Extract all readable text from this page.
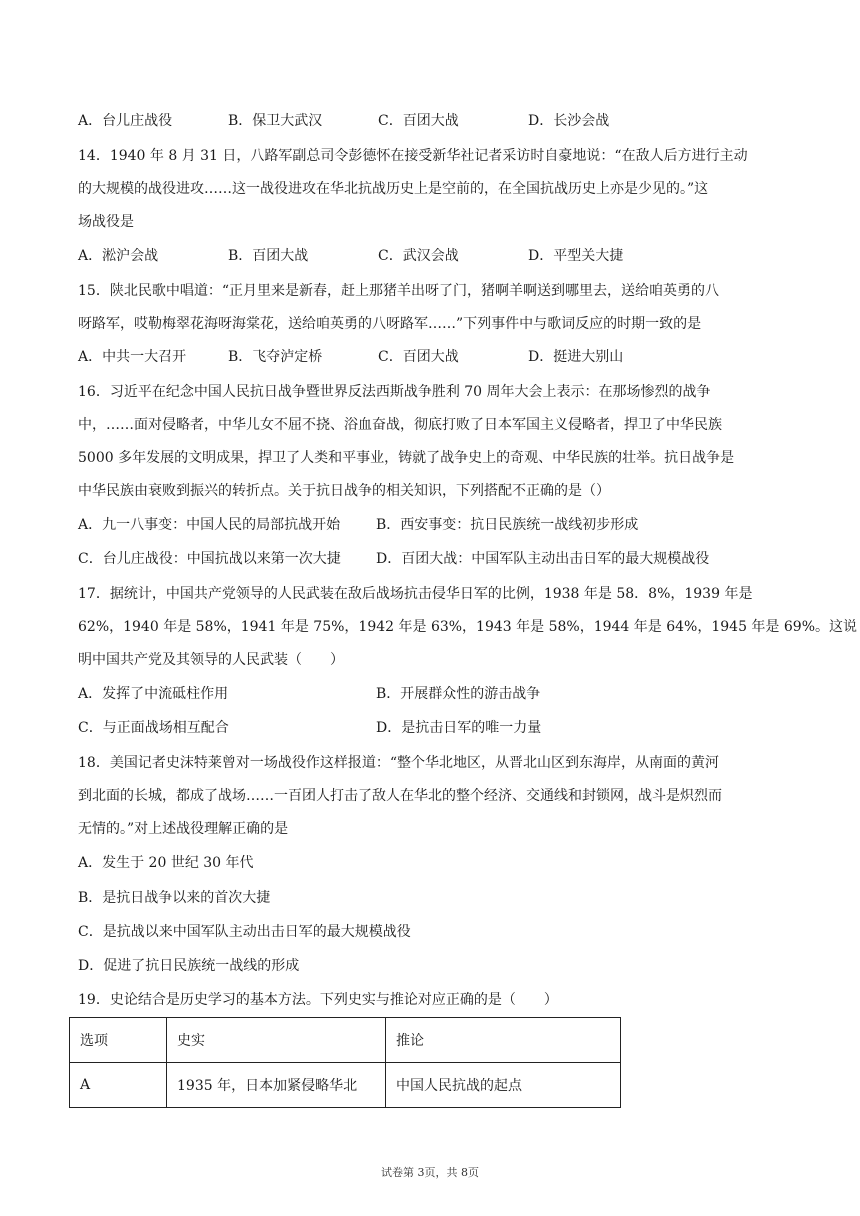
A．台儿庄战役	B．保卫大武汉	C．百团大战	D．长沙会战
14．1940 年 8 月 31 日，八路军副总司令彭德怀在接受新华社记者采访时自豪地说：“在敌人后方进行主动
的大规模的战役进攻……这一战役进攻在华北抗战历史上是空前的，在全国抗战历史上亦是少见的。”这
场战役是
A．淞沪会战	B．百团大战	C．武汉会战	D．平型关大捷
15．陕北民歌中唱道：“正月里来是新春，赶上那猪羊出呀了门，猪啊羊啊送到哪里去，送给咱英勇的八
呀路军，哎勒梅翠花海呀海棠花，送给咱英勇的八呀路军……”下列事件中与歌词反应的时期一致的是
A．中共一大召开	B．飞夺泸定桥	C．百团大战	D．挺进大别山
16．习近平在纪念中国人民抗日战争暨世界反法西斯战争胜利 70 周年大会上表示：在那场惨烈的战争
中，……面对侵略者，中华儿女不屈不挠、浴血奋战，彻底打败了日本军国主义侵略者，捍卫了中华民族
5000 多年发展的文明成果，捍卫了人类和平事业，铸就了战争史上的奇观、中华民族的壮举。抗日战争是
中华民族由衰败到振兴的转折点。关于抗日战争的相关知识，下列搭配不正确的是（）
A．九一八事变：中国人民的局部抗战开始	B．西安事变：抗日民族统一战线初步形成
C．台儿庄战役：中国抗战以来第一次大捷	D．百团大战：中国军队主动出击日军的最大规模战役
17．据统计，中国共产党领导的人民武装在敌后战场抗击侵华日军的比例，1938 年是 58．8%，1939 年是
62%，1940 年是 58%，1941 年是 75%，1942 年是 63%，1943 年是 58%，1944 年是 64%，1945 年是 69%。这说
明中国共产党及其领导的人民武装（　　）
A．发挥了中流砥柱作用	B．开展群众性的游击战争
C．与正面战场相互配合	D．是抗击日军的唯一力量
18．美国记者史沫特莱曾对一场战役作这样报道：“整个华北地区，从晋北山区到东海岸，从南面的黄河
到北面的长城，都成了战场……一百团人打击了敌人在华北的整个经济、交通线和封锁网，战斗是炽烈而
无情的。”对上述战役理解正确的是
A．发生于 20 世纪 30 年代
B．是抗日战争以来的首次大捷
C．是抗战以来中国军队主动出击日军的最大规模战役
D．促进了抗日民族统一战线的形成
19．史论结合是历史学习的基本方法。下列史实与推论对应正确的是（　　）
选项	史实	推论
A	1935 年，日本加紧侵略华北	中国人民抗战的起点
试卷第 3页，共 8页
